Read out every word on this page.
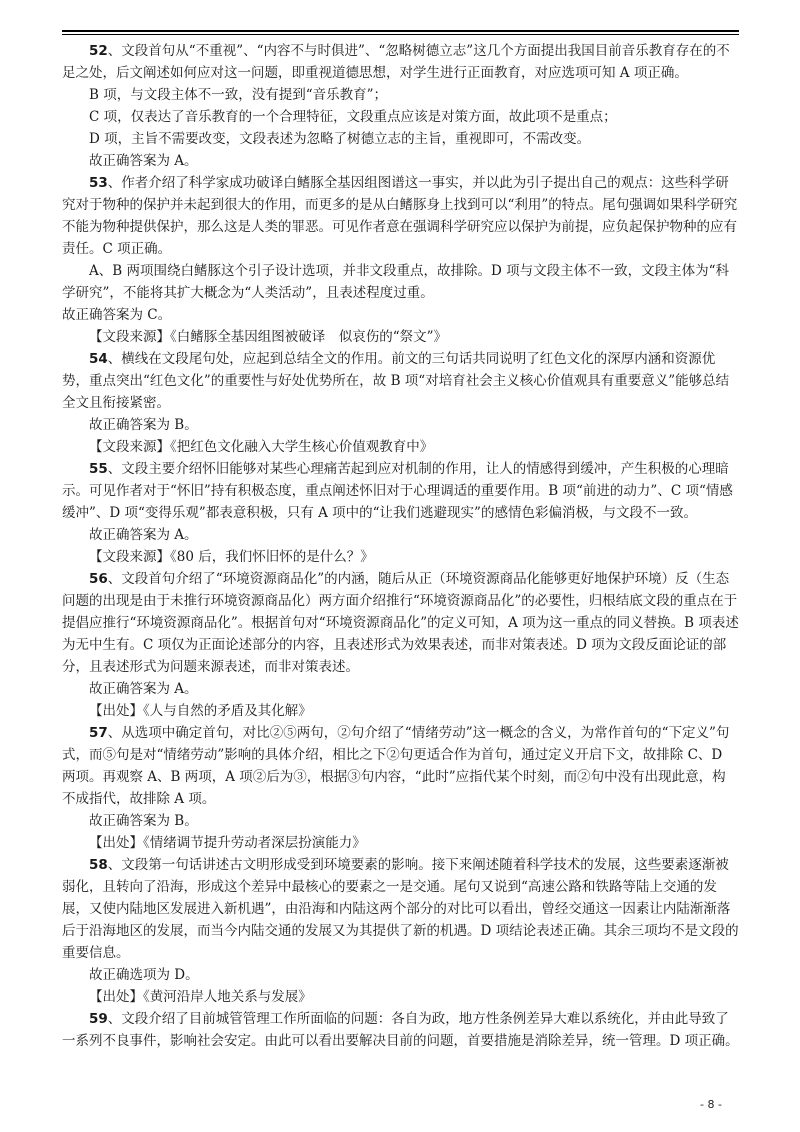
52、文段首句从“不重视”、“内容不与时俱进”、“忽略树德立志”这几个方面提出我国目前音乐教育存在的不足之处，后文阐述如何应对这一问题，即重视道德思想，对学生进行正面教育，对应选项可知 A 项正确。

B 项，与文段主体不一致，没有提到“音乐教育”；

C 项，仅表达了音乐教育的一个合理特征，文段重点应该是对策方面，故此项不是重点；

D 项，主旨不需要改变，文段表述为忽略了树德立志的主旨，重视即可，不需改变。

故正确答案为 A。

53、作者介绍了科学家成功破译白鳍豚全基因组图谱这一事实，并以此为引子提出自己的观点：这些科学研究对于物种的保护并未起到很大的作用，而更多的是从白鳍豚身上找到可以“利用”的特点。尾句强调如果科学研究不能为物种提供保护，那么这是人类的罪恶。可见作者意在强调科学研究应以保护为前提，应负起保护物种的应有责任。C 项正确。

A、B 两项围绕白鳍豚这个引子设计选项，并非文段重点，故排除。D 项与文段主体不一致，文段主体为“科学研究”，不能将其扩大概念为“人类活动”，且表述程度过重。

故正确答案为 C。

【文段来源】《白鳍豚全基因组图被破译　似哀伤的“祭文”》

54、横线在文段尾句处，应起到总结全文的作用。前文的三句话共同说明了红色文化的深厚内涵和资源优势，重点突出“红色文化”的重要性与好处优势所在，故 B 项“对培育社会主义核心价值观具有重要意义”能够总结全文且衔接紧密。

故正确答案为 B。

【文段来源】《把红色文化融入大学生核心价值观教育中》

55、文段主要介绍怀旧能够对某些心理痛苦起到应对机制的作用，让人的情感得到缓冲，产生积极的心理暗示。可见作者对于“怀旧”持有积极态度，重点阐述怀旧对于心理调适的重要作用。B 项“前进的动力”、C 项“情感缓冲”、D 项“变得乐观”都表意积极，只有 A 项中的“让我们逃避现实”的感情色彩偏消极，与文段不一致。

故正确答案为 A。

【文段来源】《80 后，我们怀旧怀的是什么？》

56、文段首句介绍了“环境资源商品化”的内涵，随后从正（环境资源商品化能够更好地保护环境）反（生态问题的出现是由于未推行环境资源商品化）两方面介绍推行“环境资源商品化”的必要性，归根结底文段的重点在于提倡应推行“环境资源商品化”。根据首句对“环境资源商品化”的定义可知，A 项为这一重点的同义替换。B 项表述为无中生有。C 项仅为正面论述部分的内容，且表述形式为效果表述，而非对策表述。D 项为文段反面论证的部分，且表述形式为问题来源表述，而非对策表述。

故正确答案为 A。

【出处】《人与自然的矛盾及其化解》

57、从选项中确定首句，对比②⑤两句，②句介绍了“情绪劳动”这一概念的含义，为常作首句的“下定义”句式，而⑤句是对“情绪劳动”影响的具体介绍，相比之下②句更适合作为首句，通过定义开启下文，故排除 C、D 两项。再观察 A、B 两项，A 项②后为③，根据③句内容，“此时”应指代某个时刻，而②句中没有出现此意，构不成指代，故排除 A 项。

故正确答案为 B。

【出处】《情绪调节提升劳动者深层扮演能力》

58、文段第一句话讲述古文明形成受到环境要素的影响。接下来阐述随着科学技术的发展，这些要素逐渐被弱化，且转向了沿海，形成这个差异中最核心的要素之一是交通。尾句又说到“高速公路和铁路等陆上交通的发展，又使内陆地区发展进入新机遇”，由沿海和内陆这两个部分的对比可以看出，曾经交通这一因素让内陆渐渐落后于沿海地区的发展，而当今内陆交通的发展又为其提供了新的机遇。D 项结论表述正确。其余三项均不是文段的重要信息。

故正确选项为 D。

【出处】《黄河沿岸人地关系与发展》

59、文段介绍了目前城管管理工作所面临的问题：各自为政，地方性条例差异大难以系统化，并由此导致了一系列不良事件，影响社会安定。由此可以看出要解决目前的问题，首要措施是消除差异，统一管理。D 项正确。

- 8 -
